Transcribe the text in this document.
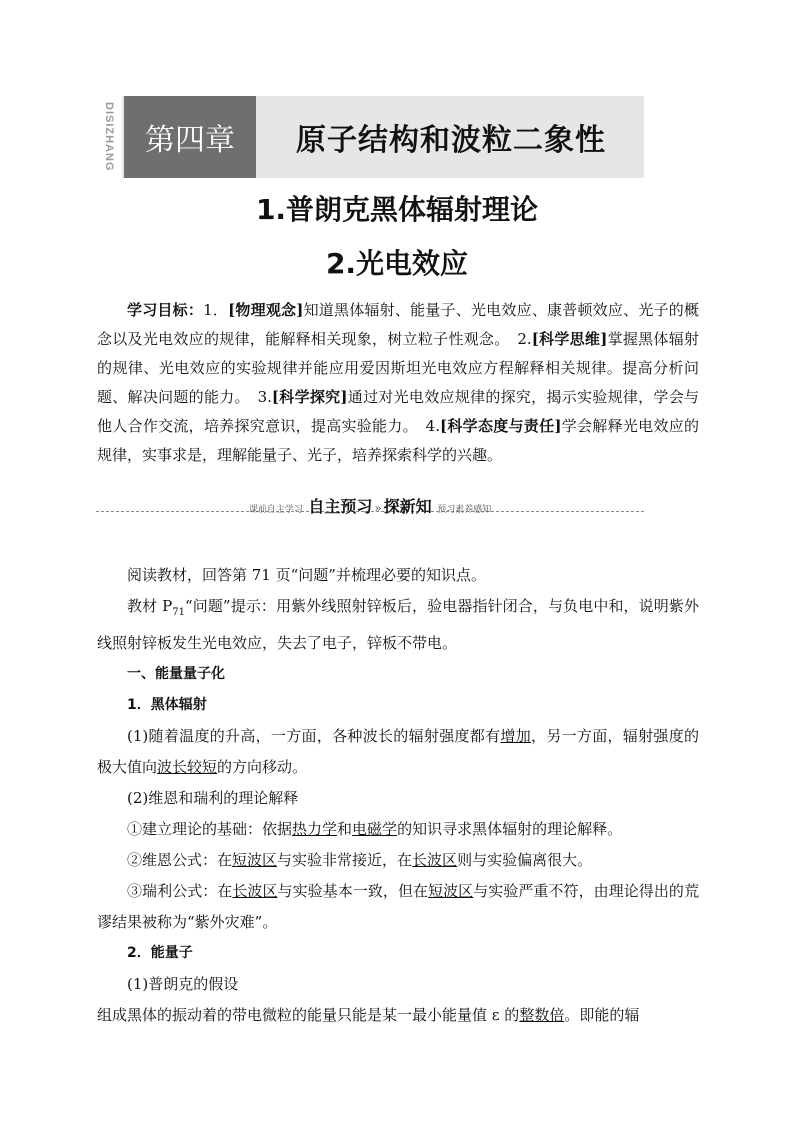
DISIZHANG	第四章	原子结构和波粒二象性
1.普朗克黑体辐射理论
2.光电效应
学习目标：1．[物理观念]知道黑体辐射、能量子、光电效应、康普顿效应、光子的概念以及光电效应的规律，能解释相关现象，树立粒子性观念。　2.[科学思维]掌握黑体辐射的规律、光电效应的实验规律并能应用爱因斯坦光电效应方程解释相关规律。提高分析问题、解决问题的能力。　3.[科学探究]通过对光电效应规律的探究，揭示实验规律，学会与他人合作交流，培养探究意识，提高实验能力。　4.[科学态度与责任]学会解释光电效应的规律，实事求是，理解能量子、光子，培养探索科学的兴趣。
课前自主学习 自主预习 » 探新知 预习素养感知

阅读教材，回答第 71 页“问题”并梳理必要的知识点。

教材 $P_{71}“$问题”提示：用紫外线照射锌板后，验电器指针闭合，与负电中和，说明紫外线照射锌板发生光电效应，失去了电子，锌板不带电。

一、能量量子化

1．黑体辐射

(1)随着温度的升高，一方面，各种波长的辐射强度都有增加，另一方面，辐射强度的极大值向波长较短的方向移动。

(2)维恩和瑞利的理论解释

①建立理论的基础：依据热力学和电磁学的知识寻求黑体辐射的理论解释。

②维恩公式：在短波区与实验非常接近，在长波区则与实验偏离很大。

③瑞利公式：在长波区与实验基本一致，但在短波区与实验严重不符，由理论得出的荒谬结果被称为“紫外灾难”。

2．能量子

(1)普朗克的假设

组成黑体的振动着的带电微粒的能量只能是某一最小能量值 ε 的整数倍。即能的辐
